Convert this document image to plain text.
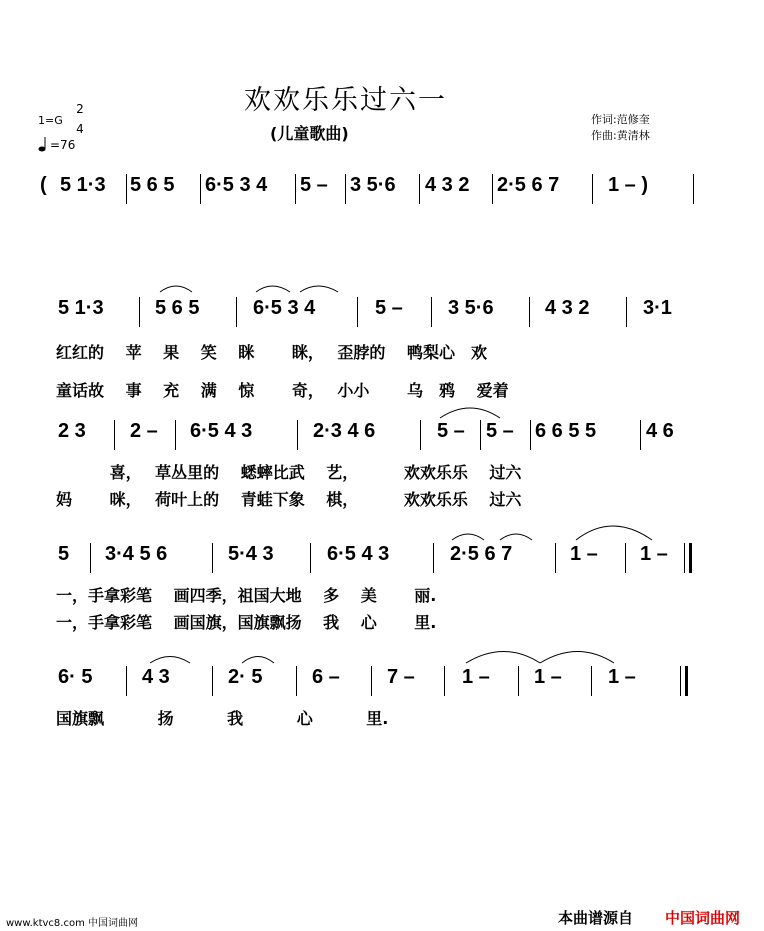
欢欢乐乐过六一
(儿童歌曲)
作词:范修奎
作曲:黄清林
1=G
2
4
=76
( 5 1·3 5 6 5 6·5 3 4 5 – 3 5·6 4 3 2 2·5 6 7 1 – )
5 1·3	5 6 5	6·5 3 4	5 – 3 5·6	4 3 2	3·1
红红的　 苹　 果　 笑　 眯　　 眯，　 歪脖的　 鸭梨心　欢
童话故　 事　 充　 满　 惊　　 奇，　 小小　　 乌　鸦　 爱着
2 3 2 – 6·5 4 3	2·3 4 6	5 – 5 – 6 6 5 5 4 6
　　　 喜，　 草丛里的　 蟋蟀比武　 艺，　　　 欢欢乐乐　 过六
妈　　 咪，　 荷叶上的　 青蛙下象　 棋，　　　 欢欢乐乐　 过六
5 3·4 5 6	5·4 3	6·5 4 3	2·5 6 7	1 – 1 –
一，手拿彩笔　 画四季，祖国大地　 多　 美　　 丽.
一，手拿彩笔　 画国旗，国旗飘扬　 我　 心　　 里.
6· 5 4 3	2· 5 6 – 7 – 1 – 1 – 1 –
国旗飘　　　 扬　　　 我　　　 心　　　 里.
www.ktvc8.com 中国词曲网	本曲谱源自 中国词曲网
